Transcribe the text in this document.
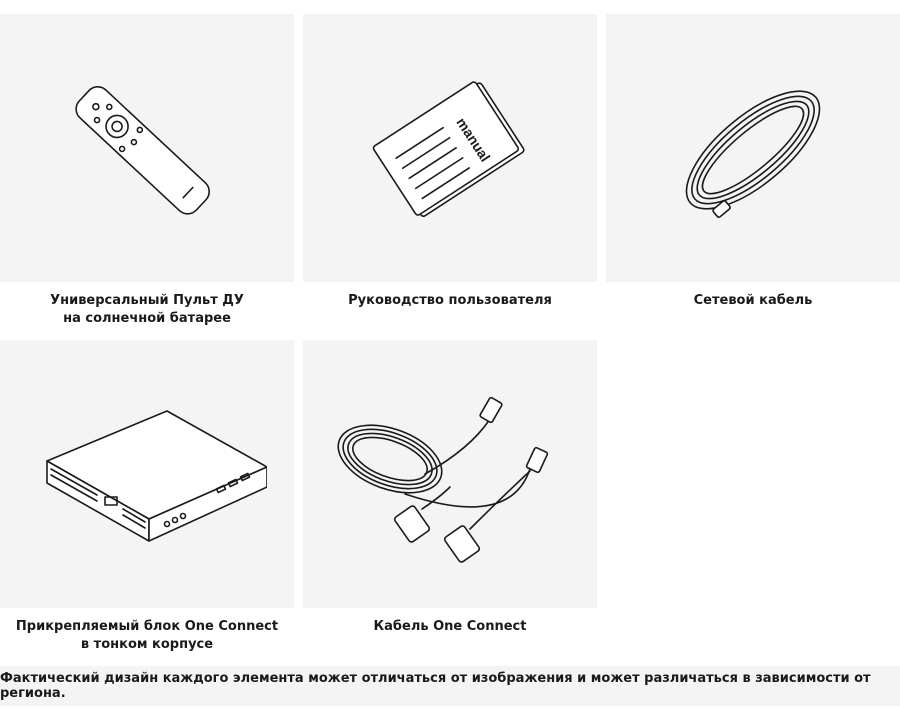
Универсальный Пульт ДУ
на солнечной батарее
manual
Руководство пользователя	Сетевой кабель
Прикрепляемый блок One Connect
в тонком корпусе
Кабель One Connect
Фактический дизайн каждого элемента может отличаться от изображения и может различаться в зависимости от региона.
